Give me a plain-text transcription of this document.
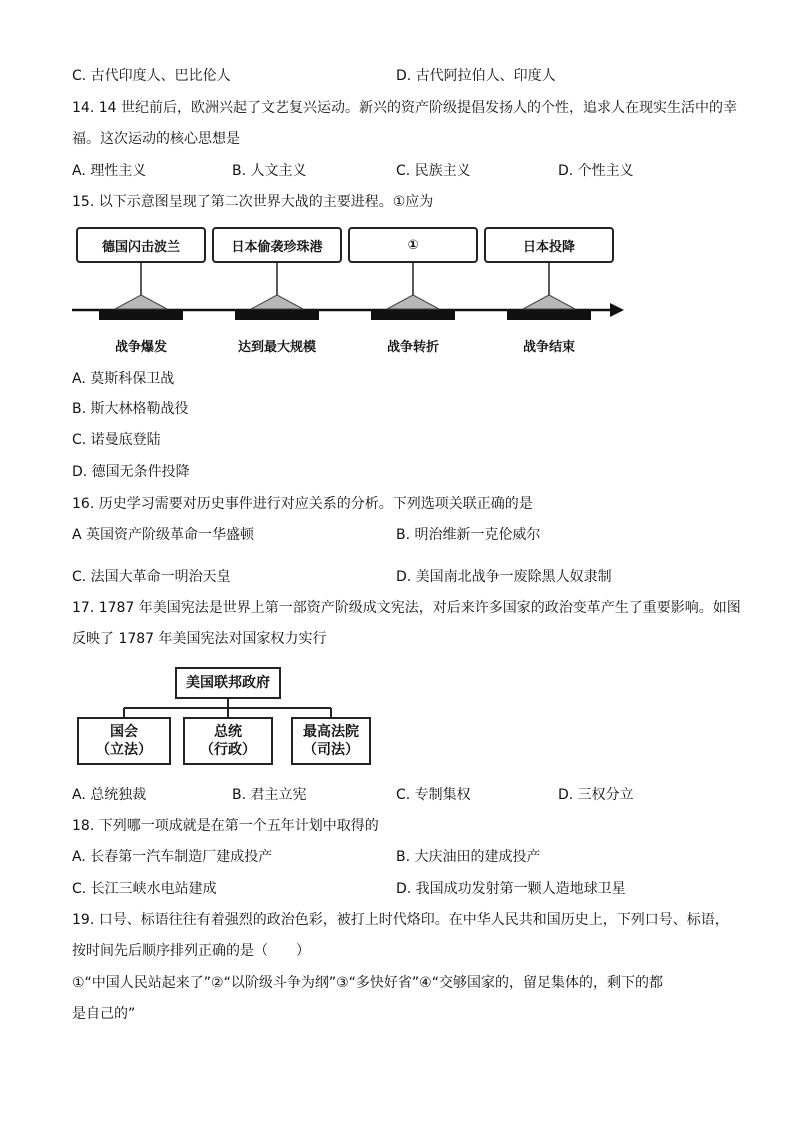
C. 古代印度人、巴比伦人	D. 古代阿拉伯人、印度人
14. 14 世纪前后，欧洲兴起了文艺复兴运动。新兴的资产阶级提倡发扬人的个性，追求人在现实生活中的幸
福。这次运动的核心思想是
A. 理性主义	B. 人文主义	C. 民族主义	D. 个性主义
15. 以下示意图呈现了第二次世界大战的主要进程。①应为
德国闪击波兰	日本偷袭珍珠港	①	日本投降
战争爆发	达到最大规模	战争转折	战争结束
A. 莫斯科保卫战
B. 斯大林格勒战役
C. 诺曼底登陆
D. 德国无条件投降
16. 历史学习需要对历史事件进行对应关系的分析。下列选项关联正确的是
A 英国资产阶级革命一华盛顿	B. 明治维新一克伦威尔
C. 法国大革命一明治天皇	D. 美国南北战争一废除黑人奴隶制
17. 1787 年美国宪法是世界上第一部资产阶级成文宪法，对后来许多国家的政治变革产生了重要影响。如图
反映了 1787 年美国宪法对国家权力实行
美国联邦政府
国会
（立法）
总统
（行政）
最高法院
（司法）
A. 总统独裁	B. 君主立宪	C. 专制集权	D. 三权分立
18. 下列哪一项成就是在第一个五年计划中取得的
A. 长春第一汽车制造厂建成投产	B. 大庆油田的建成投产
C. 长江三峡水电站建成	D. 我国成功发射第一颗人造地球卫星
19. 口号、标语往往有着强烈的政治色彩，被打上时代烙印。在中华人民共和国历史上，下列口号、标语，
按时间先后顺序排列正确的是（　　）
①“中国人民站起来了”②“以阶级斗争为纲”③“多快好省”④“交够国家的，留足集体的，剩下的都
是自己的”
